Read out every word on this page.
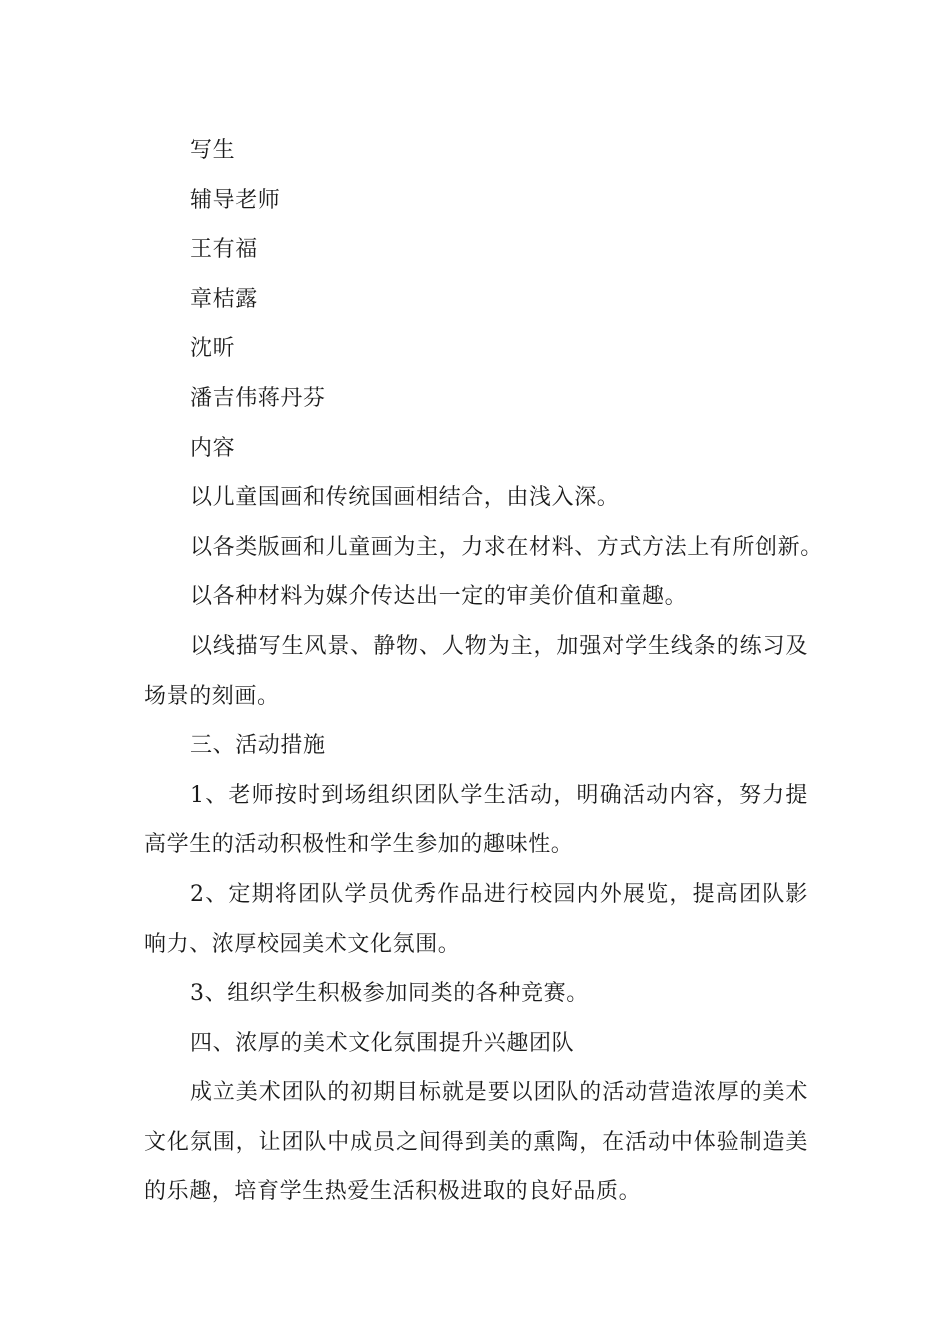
写生
辅导老师
王有福
章桔露
沈昕
潘吉伟蒋丹芬
内容
以儿童国画和传统国画相结合，由浅入深。
以各类版画和儿童画为主，力求在材料、方式方法上有所创新。
以各种材料为媒介传达出一定的审美价值和童趣。

以线描写生风景、静物、人物为主，加强对学生线条的练习及场景的刻画。

三、活动措施

1、老师按时到场组织团队学生活动，明确活动内容，努力提高学生的活动积极性和学生参加的趣味性。

2、定期将团队学员优秀作品进行校园内外展览，提高团队影响力、浓厚校园美术文化氛围。

3、组织学生积极参加同类的各种竞赛。
四、浓厚的美术文化氛围提升兴趣团队

成立美术团队的初期目标就是要以团队的活动营造浓厚的美术文化氛围，让团队中成员之间得到美的熏陶，在活动中体验制造美的乐趣，培育学生热爱生活积极进取的良好品质。
